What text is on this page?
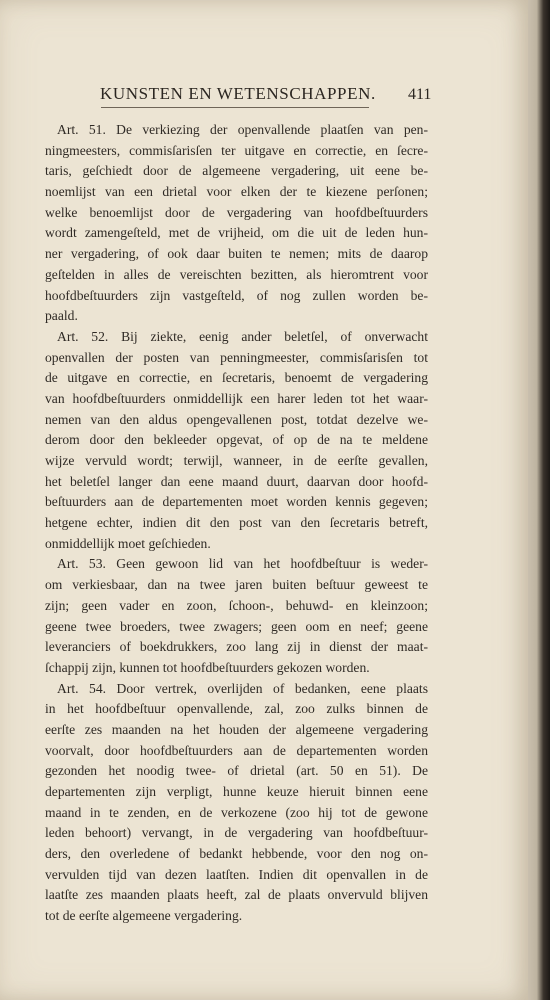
KUNSTEN EN WETENSCHAPPEN. 411
Art. 51. De verkiezing der openvallende plaatſen van pen-
ningmeesters, commisſarisſen ter uitgave en correctie, en ſecre-
taris, geſchiedt door de algemeene vergadering, uit eene be-
noemlijst van een drietal voor elken der te kiezene perſonen;
welke benoemlijst door de vergadering van hoofdbeſtuurders
wordt zamengeſteld, met de vrijheid, om die uit de leden hun-
ner vergadering, of ook daar buiten te nemen; mits de daarop
geſtelden in alles de vereischten bezitten, als hieromtrent voor
hoofdbeſtuurders zijn vastgeſteld, of nog zullen worden be-
paald.
Art. 52. Bij ziekte, eenig ander beletſel, of onverwacht
openvallen der posten van penningmeester, commisſarisſen tot
de uitgave en correctie, en ſecretaris, benoemt de vergadering
van hoofdbeſtuurders onmiddellijk een harer leden tot het waar-
nemen van den aldus opengevallenen post, totdat dezelve we-
derom door den bekleeder opgevat, of op de na te meldene
wijze vervuld wordt; terwijl, wanneer, in de eerſte gevallen,
het beletſel langer dan eene maand duurt, daarvan door hoofd-
beſtuurders aan de departementen moet worden kennis gegeven;
hetgene echter, indien dit den post van den ſecretaris betreft,
onmiddellijk moet geſchieden.
Art. 53. Geen gewoon lid van het hoofdbeſtuur is weder-
om verkiesbaar, dan na twee jaren buiten beſtuur geweest te
zijn; geen vader en zoon, ſchoon-, behuwd- en kleinzoon;
geene twee broeders, twee zwagers; geen oom en neef; geene
leveranciers of boekdrukkers, zoo lang zij in dienst der maat-
ſchappij zijn, kunnen tot hoofdbeſtuurders gekozen worden.
Art. 54. Door vertrek, overlijden of bedanken, eene plaats
in het hoofdbeſtuur openvallende, zal, zoo zulks binnen de
eerſte zes maanden na het houden der algemeene vergadering
voorvalt, door hoofdbeſtuurders aan de departementen worden
gezonden het noodig twee- of drietal (art. 50 en 51). De
departementen zijn verpligt, hunne keuze hieruit binnen eene
maand in te zenden, en de verkozene (zoo hij tot de gewone
leden behoort) vervangt, in de vergadering van hoofdbeſtuur-
ders, den overledene of bedankt hebbende, voor den nog on-
vervulden tijd van dezen laatſten. Indien dit openvallen in de
laatſte zes maanden plaats heeft, zal de plaats onvervuld blijven
tot de eerſte algemeene vergadering.
